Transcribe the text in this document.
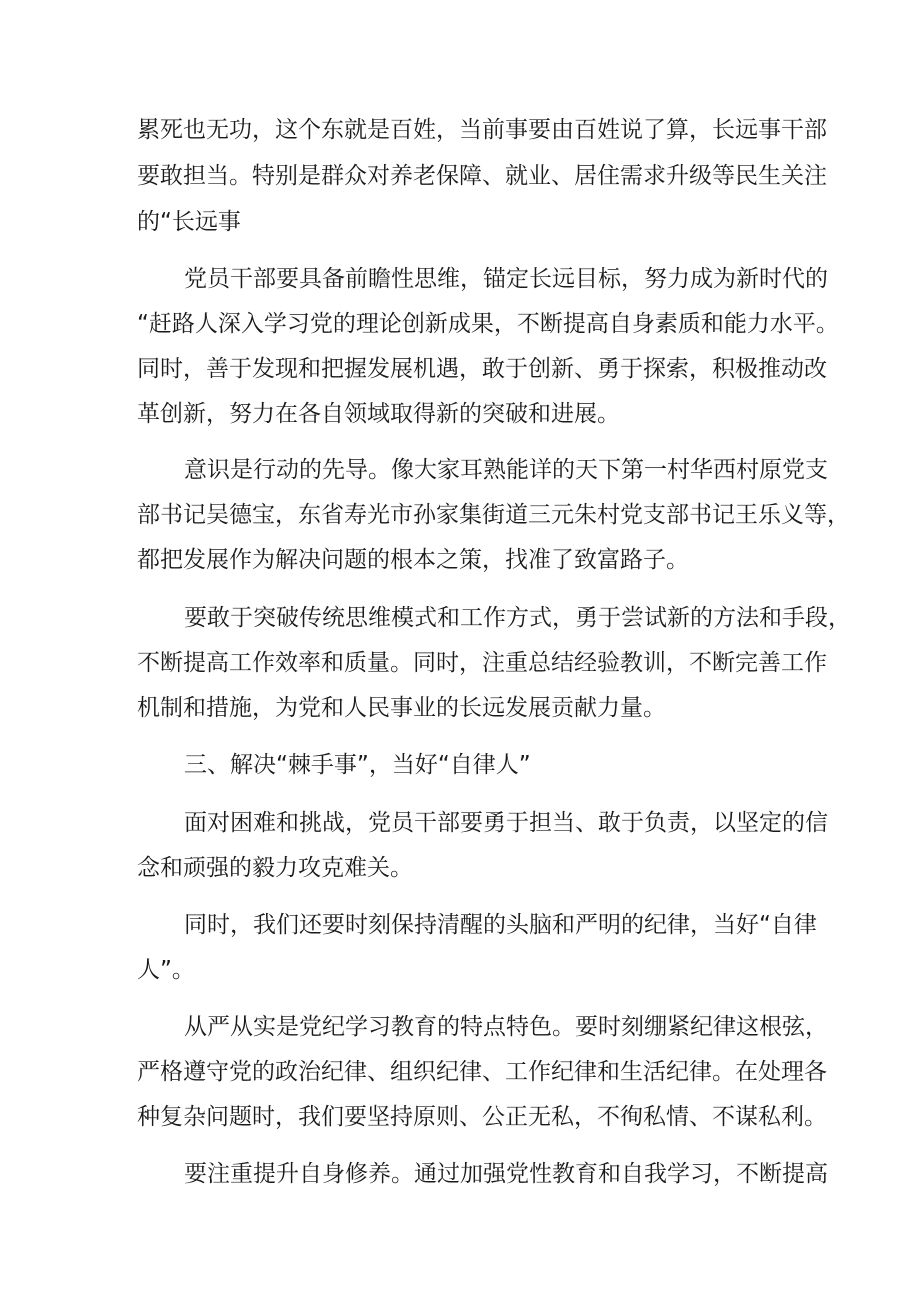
累死也无功，这个东就是百姓，当前事要由百姓说了算，长远事干部
要敢担当。特别是群众对养老保障、就业、居住需求升级等民生关注
的“长远事
党员干部要具备前瞻性思维，锚定长远目标，努力成为新时代的
“赶路人深入学习党的理论创新成果，不断提高自身素质和能力水平。
同时，善于发现和把握发展机遇，敢于创新、勇于探索，积极推动改
革创新，努力在各自领域取得新的突破和进展。
意识是行动的先导。像大家耳熟能详的天下第一村华西村原党支
部书记吴德宝，东省寿光市孙家集街道三元朱村党支部书记王乐义等，
都把发展作为解决问题的根本之策，找准了致富路子。
要敢于突破传统思维模式和工作方式，勇于尝试新的方法和手段，
不断提高工作效率和质量。同时，注重总结经验教训，不断完善工作
机制和措施，为党和人民事业的长远发展贡献力量。
三、解决“棘手事”，当好“自律人”
面对困难和挑战，党员干部要勇于担当、敢于负责，以坚定的信
念和顽强的毅力攻克难关。
同时，我们还要时刻保持清醒的头脑和严明的纪律，当好“自律
人”。
从严从实是党纪学习教育的特点特色。要时刻绷紧纪律这根弦，
严格遵守党的政治纪律、组织纪律、工作纪律和生活纪律。在处理各
种复杂问题时，我们要坚持原则、公正无私，不徇私情、不谋私利。
要注重提升自身修养。通过加强党性教育和自我学习，不断提高
